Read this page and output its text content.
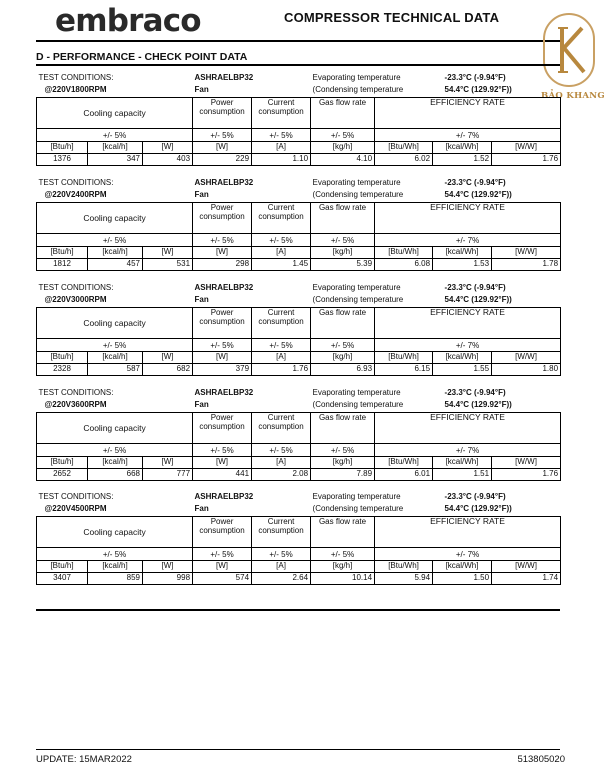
embraco	COMPRESSOR TECHNICAL DATA
BẢO KHANG
D - PERFORMANCE - CHECK POINT DATA
TEST CONDITIONS:			ASHRAELBP32		Evaporating temperature		-23.3°C (-9.94°F)	
@220V1800RPM			Fan		(Condensing temperature		54.4°C (129.92°F))	
Cooling capacity			Power consumption	Current consumption	Gas flow rate	EFFICIENCY RATE		
+/- 5%			+/- 5%	+/- 5%	+/- 5%	+/- 7%		
[Btu/h]	[kcal/h]	[W]	[W]	[A]	[kg/h]	[Btu/Wh]	[kcal/Wh]	[W/W]
1376	347	403	229	1.10	4.10	6.02	1.52	1.76
TEST CONDITIONS:			ASHRAELBP32		Evaporating temperature		-23.3°C (-9.94°F)	
@220V2400RPM			Fan		(Condensing temperature		54.4°C (129.92°F))	
Cooling capacity			Power consumption	Current consumption	Gas flow rate	EFFICIENCY RATE		
+/- 5%			+/- 5%	+/- 5%	+/- 5%	+/- 7%		
[Btu/h]	[kcal/h]	[W]	[W]	[A]	[kg/h]	[Btu/Wh]	[kcal/Wh]	[W/W]
1812	457	531	298	1.45	5.39	6.08	1.53	1.78
TEST CONDITIONS:			ASHRAELBP32		Evaporating temperature		-23.3°C (-9.94°F)	
@220V3000RPM			Fan		(Condensing temperature		54.4°C (129.92°F))	
Cooling capacity			Power consumption	Current consumption	Gas flow rate	EFFICIENCY RATE		
+/- 5%			+/- 5%	+/- 5%	+/- 5%	+/- 7%		
[Btu/h]	[kcal/h]	[W]	[W]	[A]	[kg/h]	[Btu/Wh]	[kcal/Wh]	[W/W]
2328	587	682	379	1.76	6.93	6.15	1.55	1.80
TEST CONDITIONS:			ASHRAELBP32		Evaporating temperature		-23.3°C (-9.94°F)	
@220V3600RPM			Fan		(Condensing temperature		54.4°C (129.92°F))	
Cooling capacity			Power consumption	Current consumption	Gas flow rate	EFFICIENCY RATE		
+/- 5%			+/- 5%	+/- 5%	+/- 5%	+/- 7%		
[Btu/h]	[kcal/h]	[W]	[W]	[A]	[kg/h]	[Btu/Wh]	[kcal/Wh]	[W/W]
2652	668	777	441	2.08	7.89	6.01	1.51	1.76
TEST CONDITIONS:			ASHRAELBP32		Evaporating temperature		-23.3°C (-9.94°F)	
@220V4500RPM			Fan		(Condensing temperature		54.4°C (129.92°F))	
Cooling capacity			Power consumption	Current consumption	Gas flow rate	EFFICIENCY RATE		
+/- 5%			+/- 5%	+/- 5%	+/- 5%	+/- 7%		
[Btu/h]	[kcal/h]	[W]	[W]	[A]	[kg/h]	[Btu/Wh]	[kcal/Wh]	[W/W]
3407	859	998	574	2.64	10.14	5.94	1.50	1.74
UPDATE: 15MAR2022	513805020
